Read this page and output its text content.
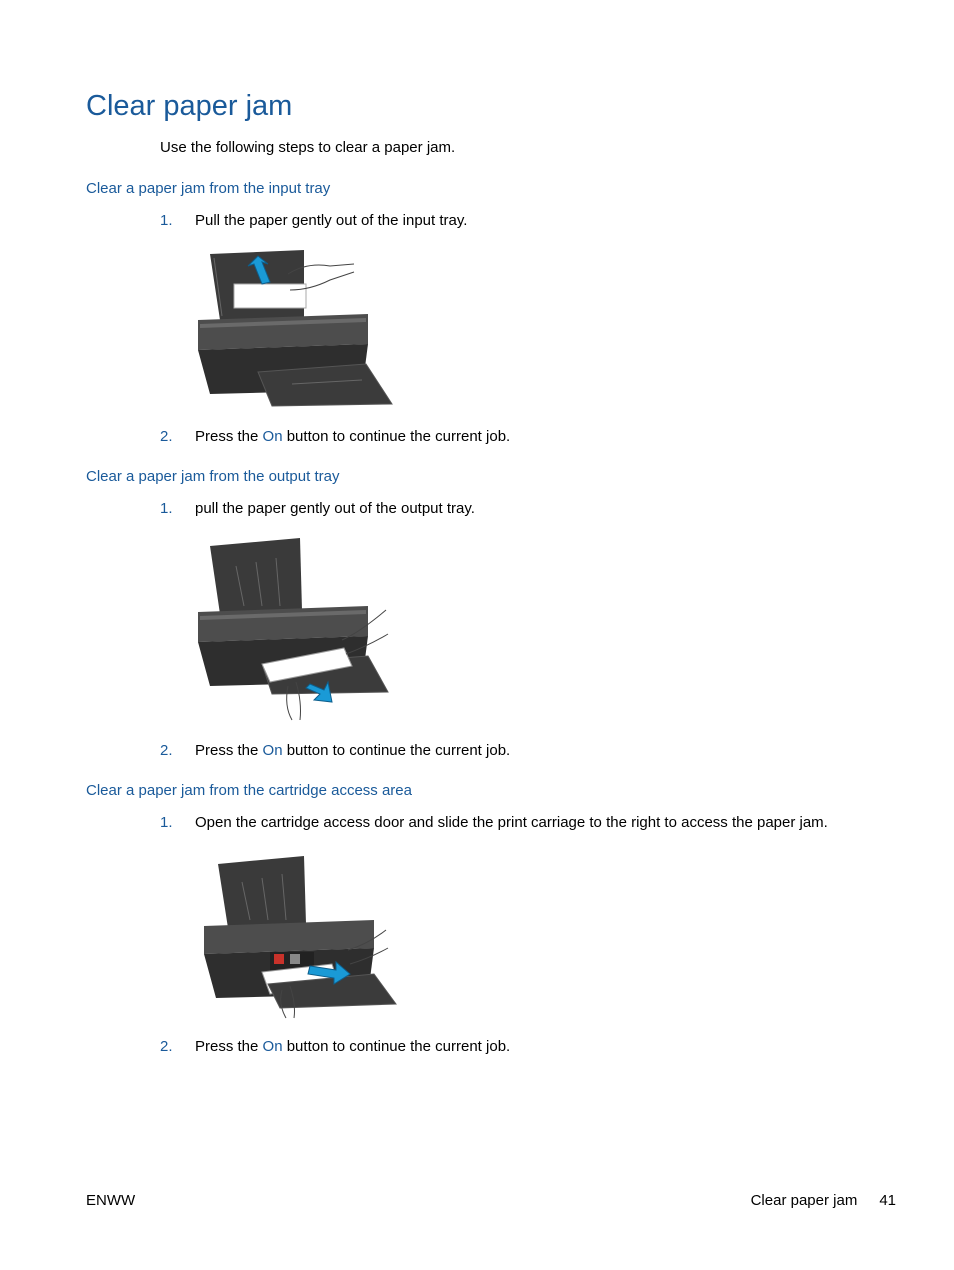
Clear paper jam
Use the following steps to clear a paper jam.
Clear a paper jam from the input tray
1. Pull the paper gently out of the input tray.
2. Press the On button to continue the current job.
Clear a paper jam from the output tray
1. pull the paper gently out of the output tray.
2. Press the On button to continue the current job.
Clear a paper jam from the cartridge access area
1. Open the cartridge access door and slide the print carriage to the right to access the paper jam.
2. Press the On button to continue the current job.
ENWW	Clear paper jam 41
